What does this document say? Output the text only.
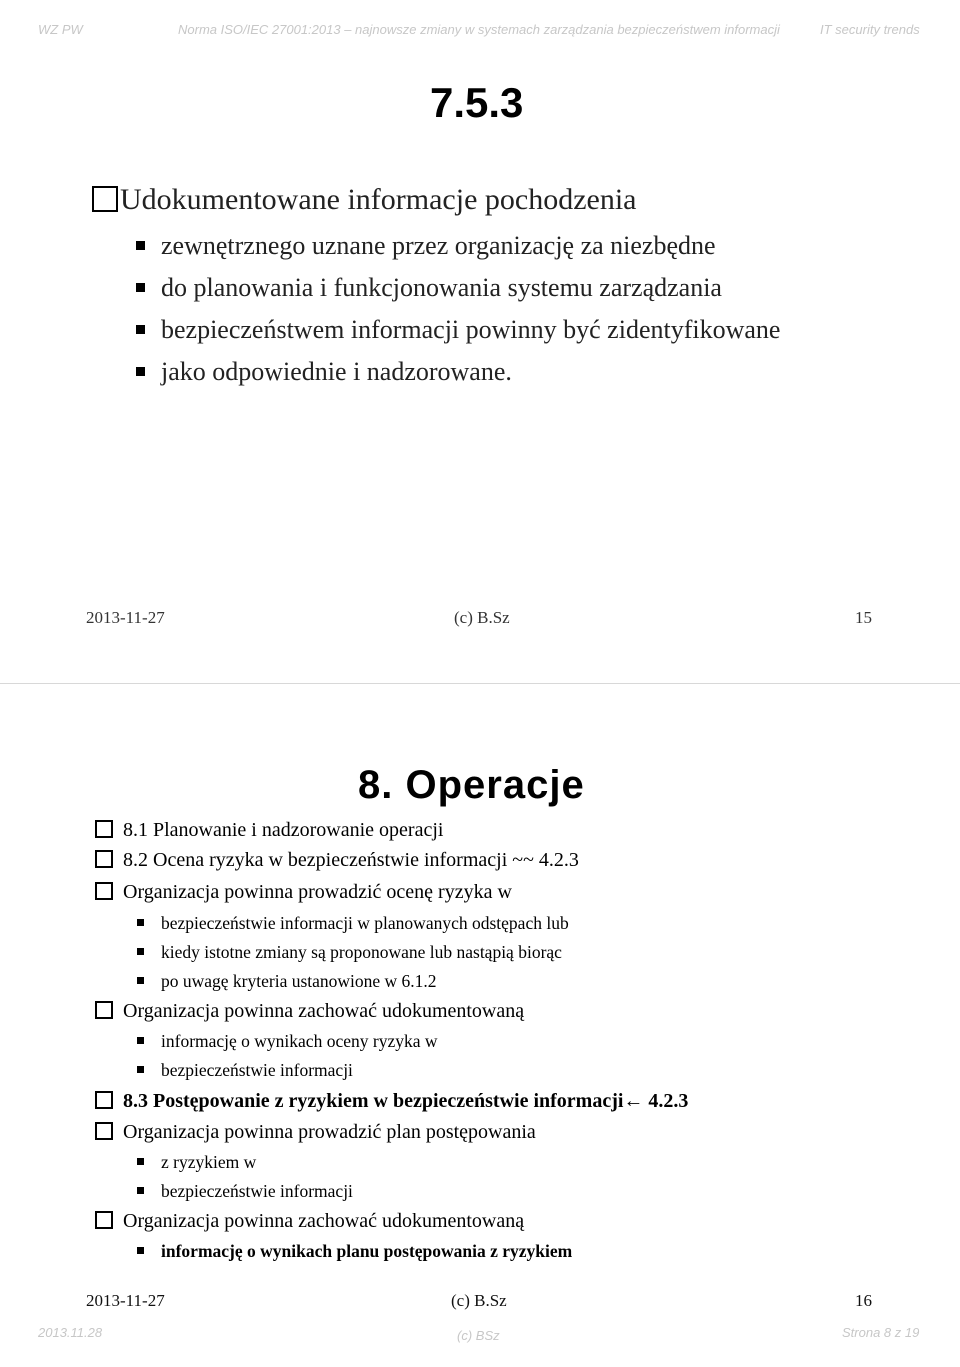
WZ PW	Norma ISO/IEC 27001:2013 – najnowsze zmiany w systemach zarządzania bezpieczeństwem informacji	IT security trends
7.5.3
Udokumentowane informacje pochodzenia
zewnętrznego uznane przez organizację za niezbędne
do planowania i funkcjonowania systemu zarządzania
bezpieczeństwem informacji powinny być zidentyfikowane
jako odpowiednie i nadzorowane.
2013-11-27	(c) B.Sz	15
8. Operacje
8.1 Planowanie i nadzorowanie operacji
8.2 Ocena ryzyka w bezpieczeństwie informacji ~~ 4.2.3
Organizacja powinna prowadzić ocenę ryzyka w
bezpieczeństwie informacji w planowanych odstępach lub
kiedy istotne zmiany są proponowane lub nastąpią biorąc
po uwagę kryteria ustanowione w 6.1.2
Organizacja powinna zachować udokumentowaną
informację o wynikach oceny ryzyka w
bezpieczeństwie informacji
8.3 Postępowanie z ryzykiem w bezpieczeństwie informacji← 4.2.3
Organizacja powinna prowadzić plan postępowania
z ryzykiem w
bezpieczeństwie informacji
Organizacja powinna zachować udokumentowaną
informację o wynikach planu postępowania z ryzykiem
2013-11-27	(c) B.Sz	16
2013.11.28	(c) BSz	Strona 8 z 19
